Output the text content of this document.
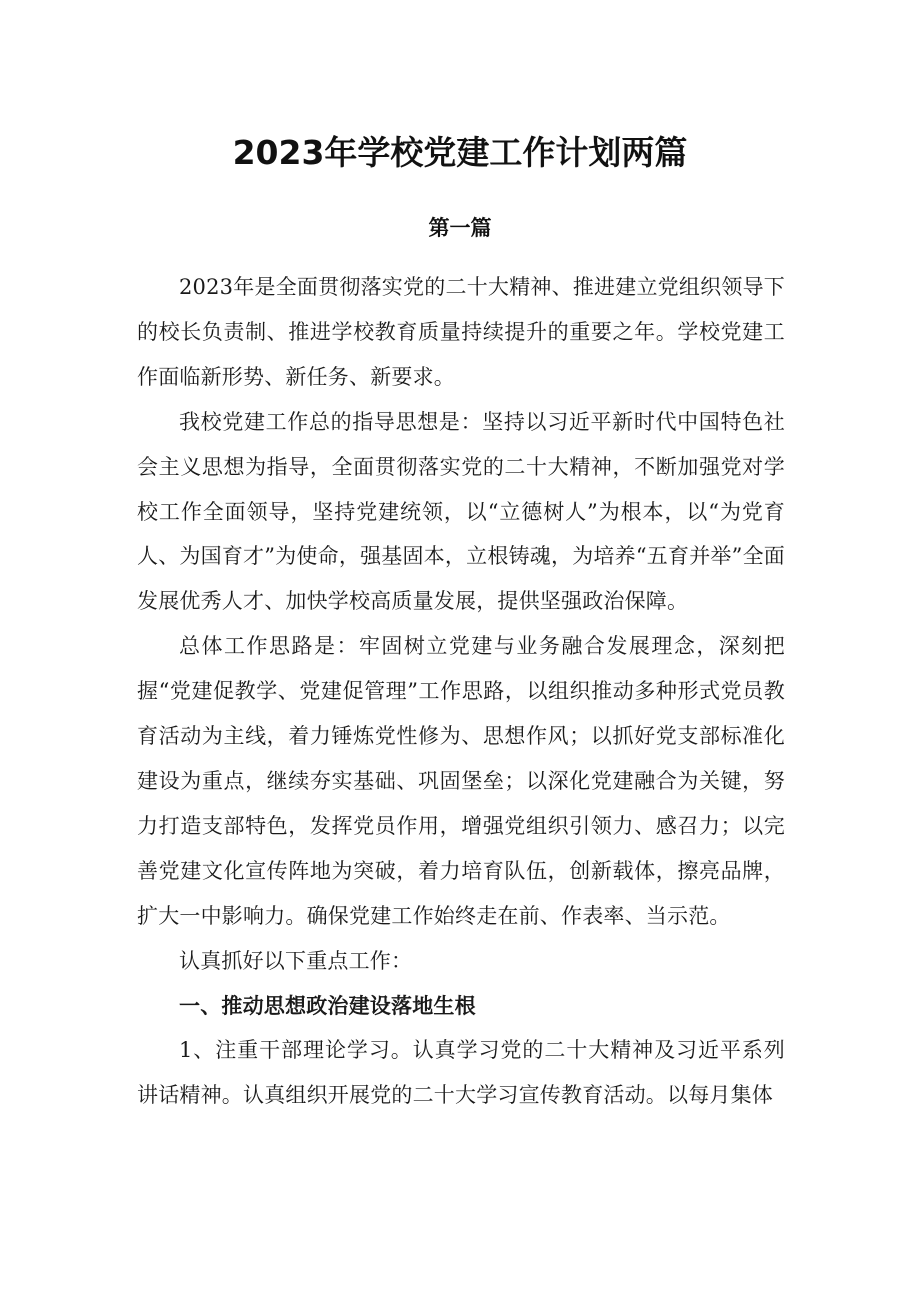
2023年学校党建工作计划两篇
第一篇

2023年是全面贯彻落实党的二十大精神、推进建立党组织领导下的校长负责制、推进学校教育质量持续提升的重要之年。学校党建工作面临新形势、新任务、新要求。

我校党建工作总的指导思想是：坚持以习近平新时代中国特色社会主义思想为指导，全面贯彻落实党的二十大精神，不断加强党对学校工作全面领导，坚持党建统领，以“立德树人”为根本，以“为党育人、为国育才”为使命，强基固本，立根铸魂，为培养“五育并举”全面发展优秀人才、加快学校高质量发展，提供坚强政治保障。

总体工作思路是：牢固树立党建与业务融合发展理念，深刻把握“党建促教学、党建促管理”工作思路，以组织推动多种形式党员教育活动为主线，着力锤炼党性修为、思想作风；以抓好党支部标准化建设为重点，继续夯实基础、巩固堡垒；以深化党建融合为关键，努力打造支部特色，发挥党员作用，增强党组织引领力、感召力；以完善党建文化宣传阵地为突破，着力培育队伍，创新载体，擦亮品牌，扩大一中影响力。确保党建工作始终走在前、作表率、当示范。

认真抓好以下重点工作：

一、推动思想政治建设落地生根

1、注重干部理论学习。认真学习党的二十大精神及习近平系列讲话精神。认真组织开展党的二十大学习宣传教育活动。以每月集体
